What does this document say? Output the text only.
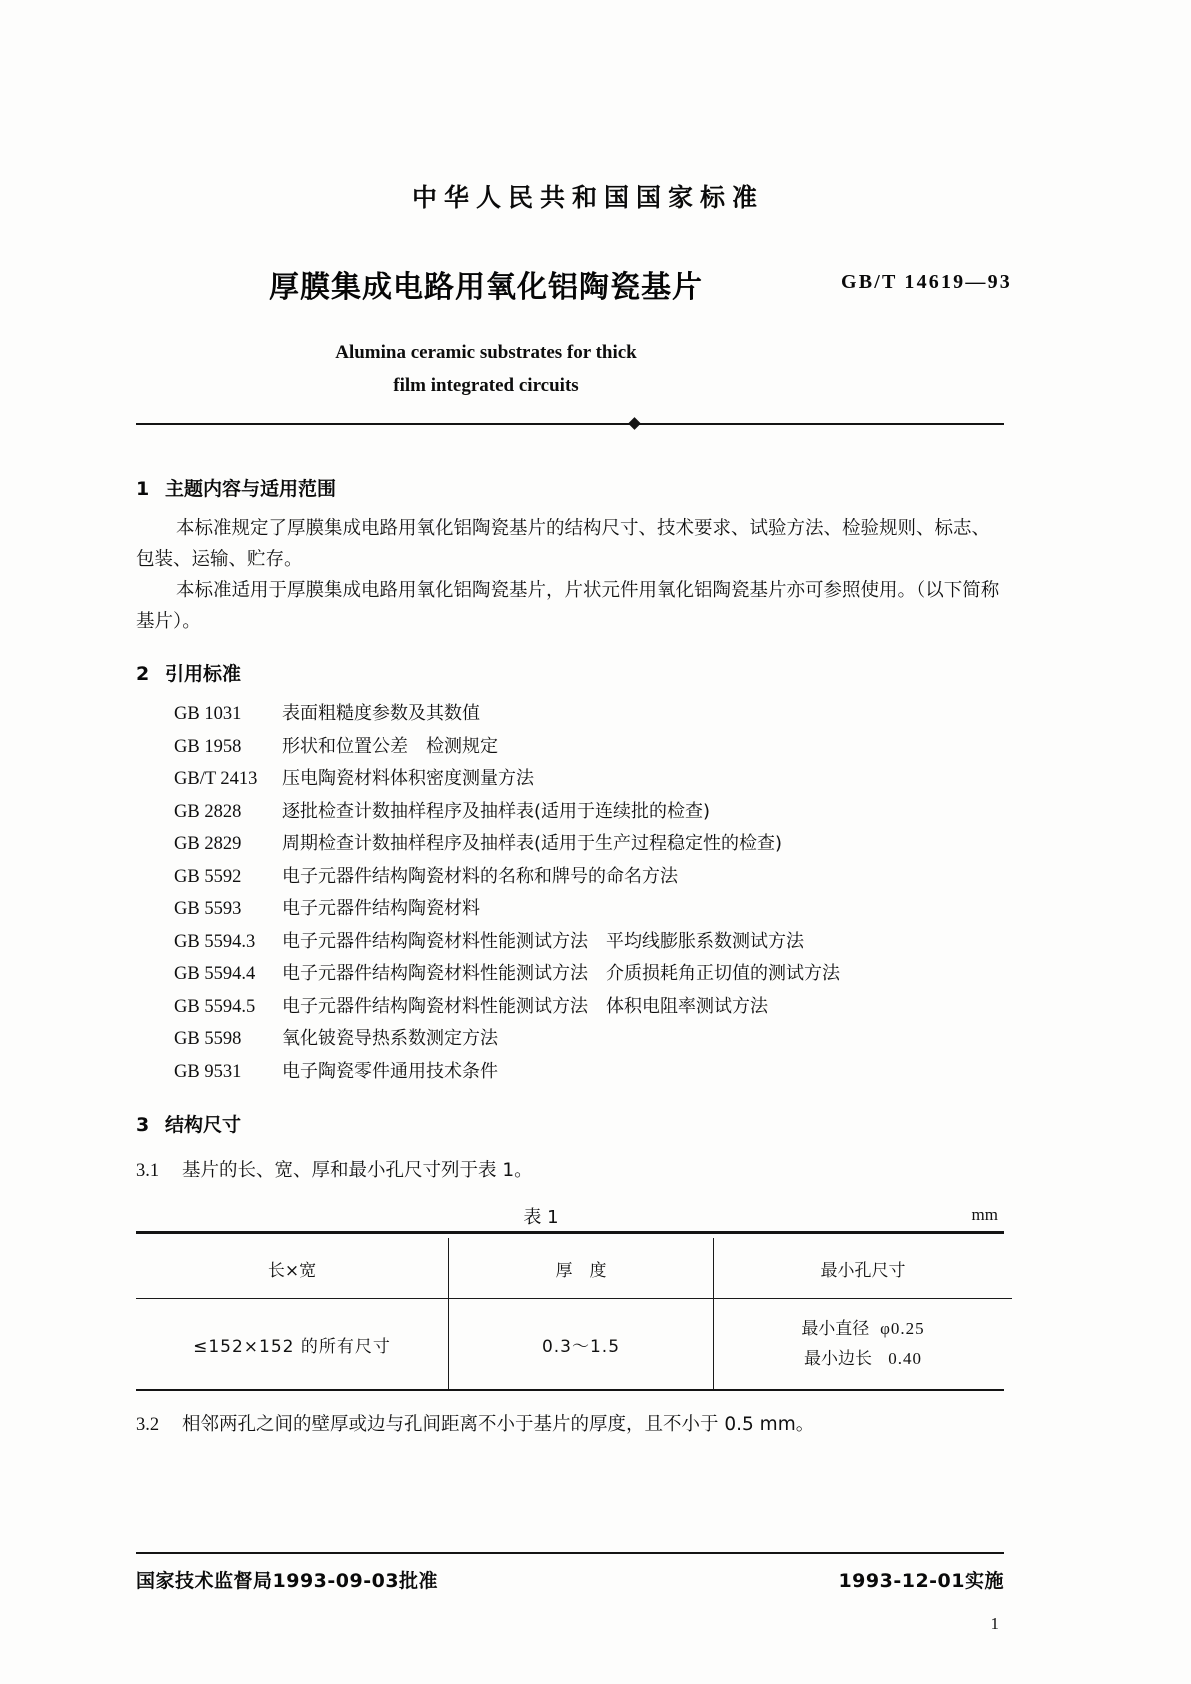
中华人民共和国国家标准
厚膜集成电路用氧化铝陶瓷基片	GB/T 14619—93
Alumina ceramic substrates for thick
film integrated circuits
1 主题内容与适用范围
本标准规定了厚膜集成电路用氧化铝陶瓷基片的结构尺寸、技术要求、试验方法、检验规则、标志、包装、运输、贮存。
本标准适用于厚膜集成电路用氧化铝陶瓷基片，片状元件用氧化铝陶瓷基片亦可参照使用。（以下简称基片）。
2 引用标准
GB 1031 表面粗糙度参数及其数值
GB 1958 形状和位置公差　检测规定
GB/T 2413 压电陶瓷材料体积密度测量方法
GB 2828 逐批检查计数抽样程序及抽样表(适用于连续批的检查)
GB 2829 周期检查计数抽样程序及抽样表(适用于生产过程稳定性的检查)
GB 5592 电子元器件结构陶瓷材料的名称和牌号的命名方法
GB 5593 电子元器件结构陶瓷材料
GB 5594.3 电子元器件结构陶瓷材料性能测试方法　平均线膨胀系数测试方法
GB 5594.4 电子元器件结构陶瓷材料性能测试方法　介质损耗角正切值的测试方法
GB 5594.5 电子元器件结构陶瓷材料性能测试方法　体积电阻率测试方法
GB 5598 氧化铍瓷导热系数测定方法
GB 9531 电子陶瓷零件通用技术条件
3 结构尺寸
3.1 基片的长、宽、厚和最小孔尺寸列于表 1。
表 1	mm
长×宽	厚　度	最小孔尺寸
≤152×152 的所有尺寸	0.3～1.5	最小直径 φ0.25
最小边长 0.40
3.2 相邻两孔之间的壁厚或边与孔间距离不小于基片的厚度，且不小于 0.5 mm。
国家技术监督局1993-09-03批准	1993-12-01实施
1
